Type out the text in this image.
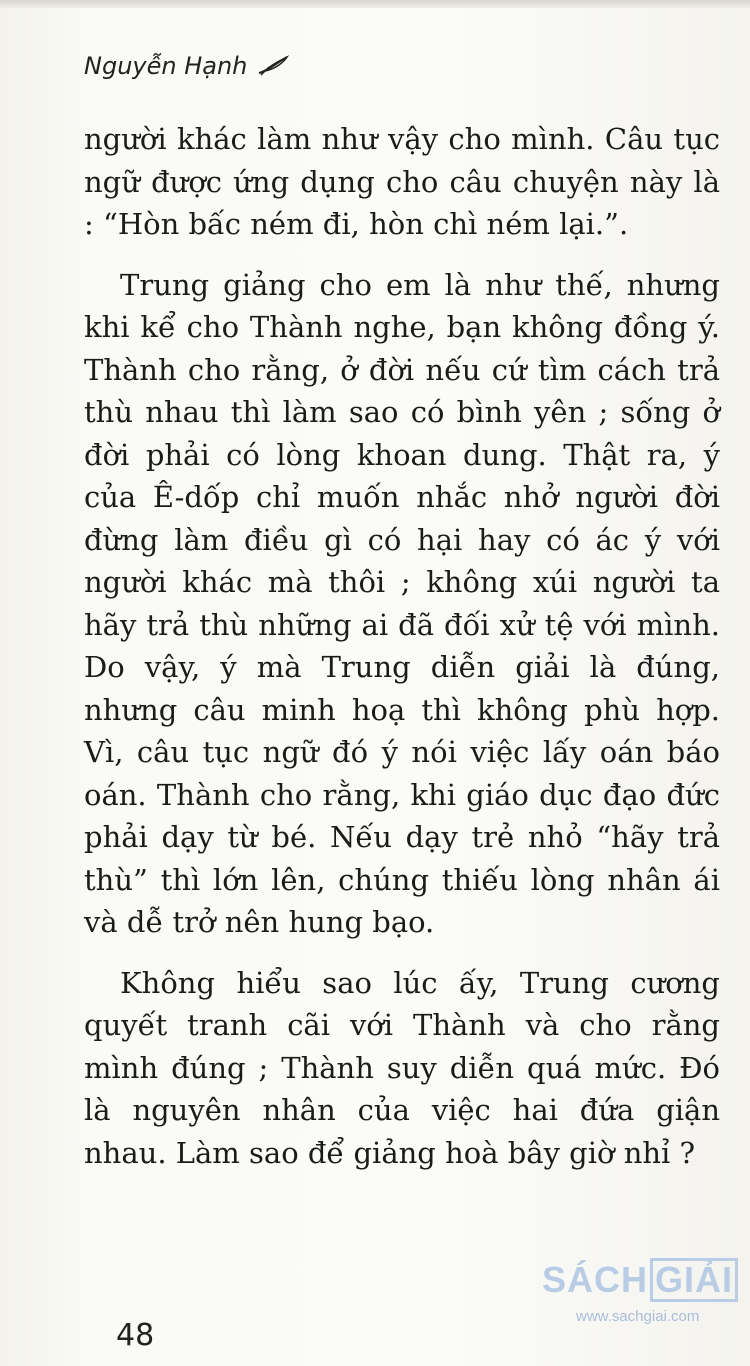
Nguyễn Hạnh

người khác làm như vậy cho mình. Câu tục ngữ được ứng dụng cho câu chuyện này là : “Hòn bấc ném đi, hòn chì ném lại.”.

Trung giảng cho em là như thế, nhưng khi kể cho Thành nghe, bạn không đồng ý. Thành cho rằng, ở đời nếu cứ tìm cách trả thù nhau thì làm sao có bình yên ; sống ở đời phải có lòng khoan dung. Thật ra, ý của Ê-dốp chỉ muốn nhắc nhở người đời đừng làm điều gì có hại hay có ác ý với người khác mà thôi ; không xúi người ta hãy trả thù những ai đã đối xử tệ với mình. Do vậy, ý mà Trung diễn giải là đúng, nhưng câu minh hoạ thì không phù hợp. Vì, câu tục ngữ đó ý nói việc lấy oán báo oán. Thành cho rằng, khi giáo dục đạo đức phải dạy từ bé. Nếu dạy trẻ nhỏ “hãy trả thù” thì lớn lên, chúng thiếu lòng nhân ái và dễ trở nên hung bạo.

Không hiểu sao lúc ấy, Trung cương quyết tranh cãi với Thành và cho rằng mình đúng ; Thành suy diễn quá mức. Đó là nguyên nhân của việc hai đứa giận nhau. Làm sao để giảng hoà bây giờ nhỉ ?

48
SÁCH GIẢI
www.sachgiai.com
